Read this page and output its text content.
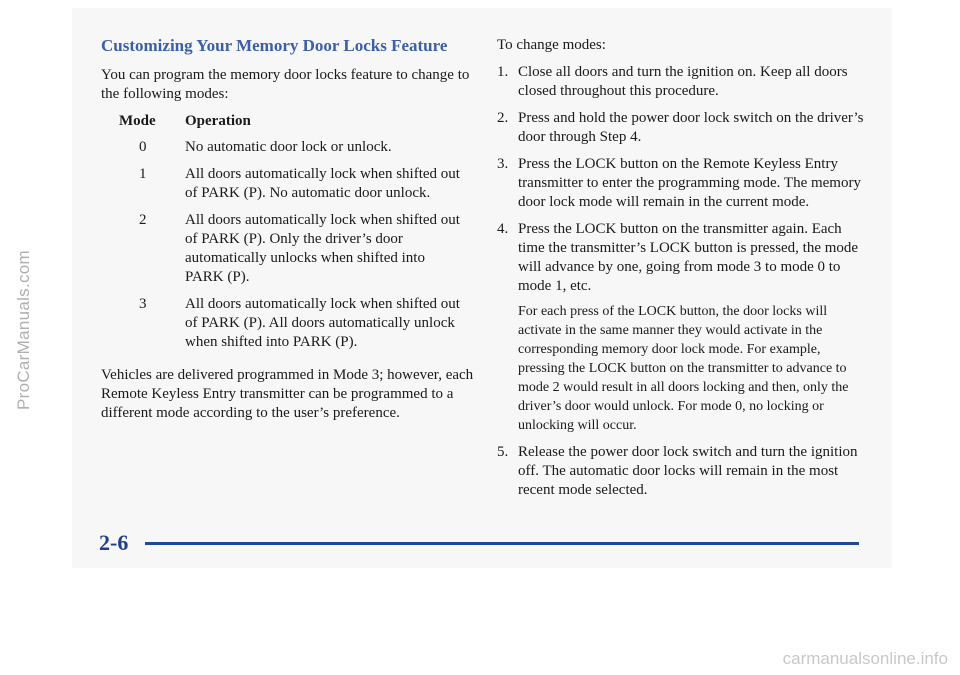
ProCarManuals.com
Customizing Your Memory Door Locks Feature

You can program the memory door locks feature to change to the following modes:

Mode	Operation
0	No automatic door lock or unlock.
1	All doors automatically lock when shifted out of PARK (P). No automatic door unlock.
2	All doors automatically lock when shifted out of PARK (P). Only the driver’s door automatically unlocks when shifted into PARK (P).
3	All doors automatically lock when shifted out of PARK (P). All doors automatically unlock when shifted into PARK (P).

Vehicles are delivered programmed in Mode 3; however, each Remote Keyless Entry transmitter can be programmed to a different mode according to the user’s preference.

To change modes:

1. Close all doors and turn the ignition on. Keep all doors closed throughout this procedure.
2. Press and hold the power door lock switch on the driver’s door through Step 4.
3. Press the LOCK button on the Remote Keyless Entry transmitter to enter the programming mode. The memory door lock mode will remain in the current mode.
4. Press the LOCK button on the transmitter again. Each time the transmitter’s LOCK button is pressed, the mode will advance by one, going from mode 3 to mode 0 to mode 1, etc.

For each press of the LOCK button, the door locks will activate in the same manner they would activate in the corresponding memory door lock mode. For example, pressing the LOCK button on the transmitter to advance to mode 2 would result in all doors locking and then, only the driver’s door would unlock. For mode 0, no locking or unlocking will occur.

5. Release the power door lock switch and turn the ignition off. The automatic door locks will remain in the most recent mode selected.
2-6
carmanualsonline.info
